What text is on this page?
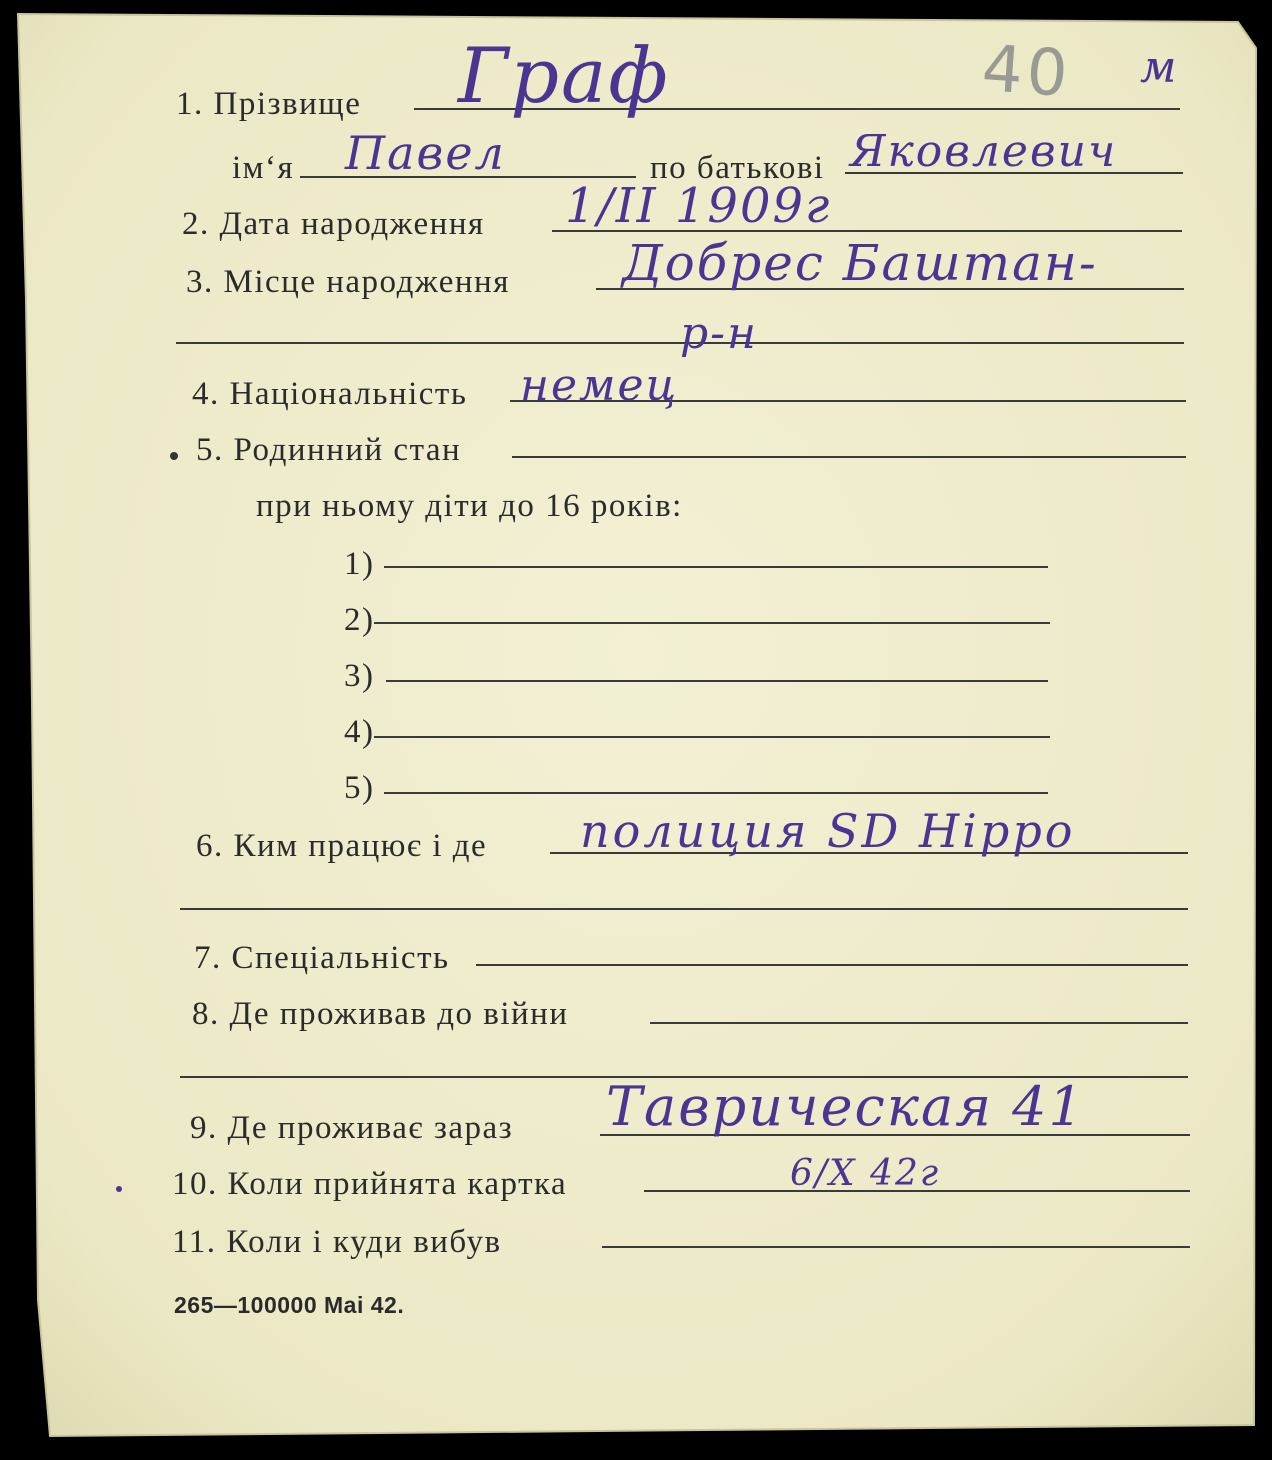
40 м
1. Прізвище Граф
ім‘я Павел	по батькові Яковлевич
2. Дата народження 1/II 1909г
3. Місце народження Добрес Баштан-
р-н
4. Національність немец
5. Родинний стан
при ньому діти до 16 років:
1)
2)
3)
4)
5)
6. Ким працює і де полиция SD Hippo
7. Спеціальність
8. Де проживав до війни
9. Де проживає зараз Таврическая 41
10. Коли прийнята картка	6/X 42г
11. Коли і куди вибув
265—100000 Mai 42.
